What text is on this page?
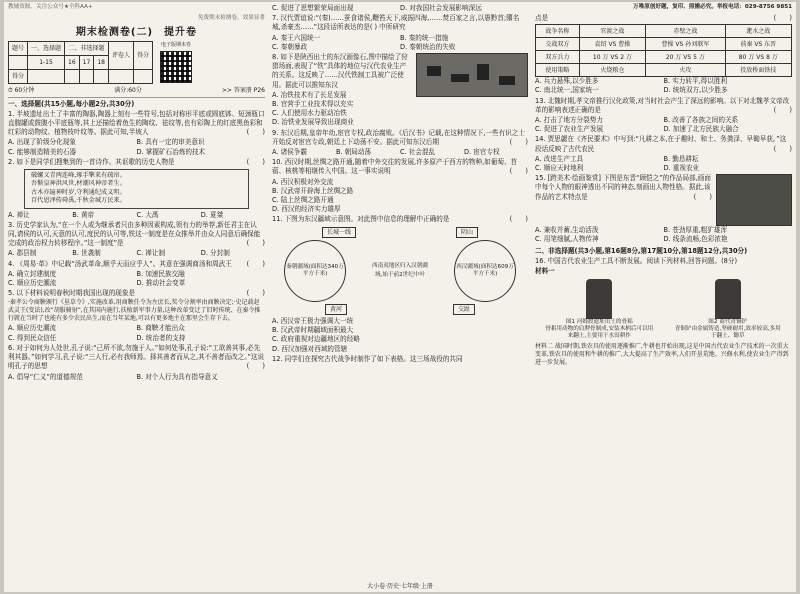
教辅资源，关注公众号★全科AA+
免费期末检测卷，效果显著
期末检测卷(二)　提升卷
题号	一、选择题	二、非选择题			评卷人	得分
	1-15	16	17	18		
得分						
电子版期末卷
⏱ 60分钟	满分:60分	>> 答案册 P26
一、选择题(共15小题,每小题2分,共30分)
1. 半坡遗址出土了丰富的陶器,陶器上刻有一些符号,包括对称形平底或圆底钵、短颈瓶口直腹罐或鼓腹小平底瓶等,其上还描绘着鱼生的陶纹、祛纹等,也有彩陶上的红底黑鱼彩和红彩的动物纹、植物枝叶纹等。据此可知,半坡人	(　　)
A. 出现了阶级分化现象	B. 具有一定的审美意识
C. 能够制造精美的石器	D. 掌握矿石冶炼的技术
2. 如下是同学们搜集到的一首诗作。其讴歌的历史人物是	(　　)
破螺又青两连峰,琢手擎来有疏帘。
吾惭皇神洪风世,材潮风神帝者生。
古木亦遍神时岁,守利通纪成义明。
百代恩泽传舜禹,千秋金城万民来。
A. 禅让	B. 黄帝	C. 大禹	D. 夏桀
3. 历史学家认为,“在一个人或为继承者只由多种因素构成,领有力的举荐,新任君主在认同,请侯的认可,天意的认可,度民的认可等,铁这一制度是在众推举并由众人同意后确保能完成的政治权力转移程序。”这一制度”是	(　　)
A. 郡县制	B. 世袭制	C. 禅让制	D. 分封制
4. 《周易·革》中记载“汤武革命,顺乎天而应乎人”。其意在强调商汤和周武王 (　　)
A. 确立封建制度	B. 加速民族交融
C. 顺应历史潮流	D. 推动社会变革
5. 以下材料说明春秋时期我国出现的现象是	(　　)
·秦孝公令商鞅颁行《垦草令》,实施改革,用商鞅任令为左庶长,奖令分割率由商鞅决定;·史记载赵武灵王(变法),改“胡服骑射”,在其国内施行,扶植新军事力量,这种改革变迁了旧时传统、在秦令推行就在当时了也能有多少农民出生,而在当年某地,可以有更多地主在那里会生存下去。
A. 顺应历史潮流	B. 商鞅才能出众
C. 得到民众信任	D. 统治者的支持
6. 对于如何为人处世,孔子说:“己所不欲,勿施于人。”如何处事,孔子说:“工欲善其事,必先利其器。”如何学习,孔子说:“三人行,必有我师焉。择其善者而从之,其不善者而改之。”这说明孔子的思想	(　　)
A. 倡导“仁义”的道德规范	B. 对个人行为具有指导意义
C. 促进了思想繁荣局面出现	D. 对我国社会发展影响深远
7. 汉代贾谊说:“(秦)……蚕食诸侯,鞭笞天下,威振四海,……焚百家之言,以愚黔首;隳名城,杀豪杰……”这段话所表达的是( ) 中所研究
A. 秦王六国统一	B. 秦的统一措施
C. 秦朝暴政	D. 秦朝统治的失败
8. 如下是陕西出土的东汉画像石,图中描绘了狩猎场面,表现了“铁”具体的地位与汉代农业生产的关系。这反映了……汉代铁制工具被广泛使用。据此可以推知东汉
A. 冶铁技术有了长足发展
B. 官营手工业技术得以充实
C. 人们使用水力驱动冶铁
D. 冶铁业发展导致出现商业
9. 东汉后期,皇帝年幼,宦官专权,政治腐败。《后汉书》记载,在这种情况下,一些有识之士开始反对宦官专政,朝廷上下动荡不安。据此可知东汉后期	(　　)
A. 诸侯争霸	B. 朝局动荡	C. 社会混乱	D. 宦官专权
10. 西汉时期,丝绸之路开通,随着中外交往的发展,许多原产于西方的物种,如葡萄、苜蓿、核桃等相继传入中国。这一事实说明	(　　)
A. 西汉积极对外交流
B. 汉武帝开辟海上丝绸之路
C. 陆上丝绸之路开通
D. 西汉的经济实力雄厚
11. 下图为东汉疆域示意图。对此图中信息的理解中正确的是	(　　)
长城一线	阴山
秦朝疆域(面积达340万平方千米)
西南夷地区归入汉朝疆域,始于前2世纪中叶
西汉疆域(面积达609万平方千米)
黄河	交趾
A. 西汉帝王极力强调大一统
B. 汉武帝时期疆域面积最大
C. 政府重视对边疆地区的经略
D. 西汉加强对西域的管辖
12. 同学们在探究古代战争时制作了如下表格。这三场战役的共同
万唯原创好题，复印、照搬必究。举报电话：029-8756 9851
点是	(　　)
战争名称	官渡之战	赤壁之战	淝水之战
交战双方	袁绍 VS 曹操	曹操 VS 孙刘联军	前秦 VS 东晋
双方兵力	10 万 VS 2 万	20 万 VS 5 万	80 万 VS 8 万
使用策略	火烧粮仓	火攻	投放桥面铁技
A. 兵力悬殊,以少胜多	B. 实力转平,得以胜利
C. 南北统一,国家统一	D. 统统双方,以少胜多
13. 北魏时期,孝文帝推行汉化政策,对当时社会产生了深远的影响。以下对北魏孝文帝改革的影响表述正确的是	(　　)
A. 打击了地方分裂势力	B. 改善了各族之间的关系
C. 促进了农业生产发展	D. 加速了北方民族大融合
14. 贾思勰在《齐民要术》中写到:“凡耕之本,在于趣时、和土、务粪泽、早锄早获。”这段话反映了古代农民	(　　)
A. 改进生产工具	B. 勤恳耕耘
C. 顺应天时地利	D. 重视农业
15. [跨美术·绘画鉴赏] 下图是东晋“顾恺之”的作品局部,画面中每个人物的眼神透出不同的神态,刻画出人物性格。据此,该作品的艺术特点是	(　　)
A. 兼收并蓄,生动活泼	B. 苍劲厚重,粗犷雄浑
C. 用笔细腻,人物传神	D. 线条流畅,色彩浓艳
二、非选择题(共3小题,第16题8分,第17题10分,第18题12分,共30分)
16. 中国古代农业生产工具不断发展。阅读下列材料,回答问题。(8分)
材料一
图1 河姆渡遗址出土的骨耜
骨耜用动物的肩胛骨制成,安装木柄后可以用来翻土,主要用于水田耕作
图2 商代青铜铲
青铜铲由金属铸造,坚硬耐用,效率较高,多用于翻土、锄草
材料二 战国时期,铁农具的使用逐渐推广,牛耕也开始出现,这是中国古代农业生产技术的一次重大变革,铁农具的使用和牛耕的推广,大大提高了生产效率,人们开垦荒地、兴修水利,使农业生产得到进一步发展。
大小卷·历史·七年级·上册
